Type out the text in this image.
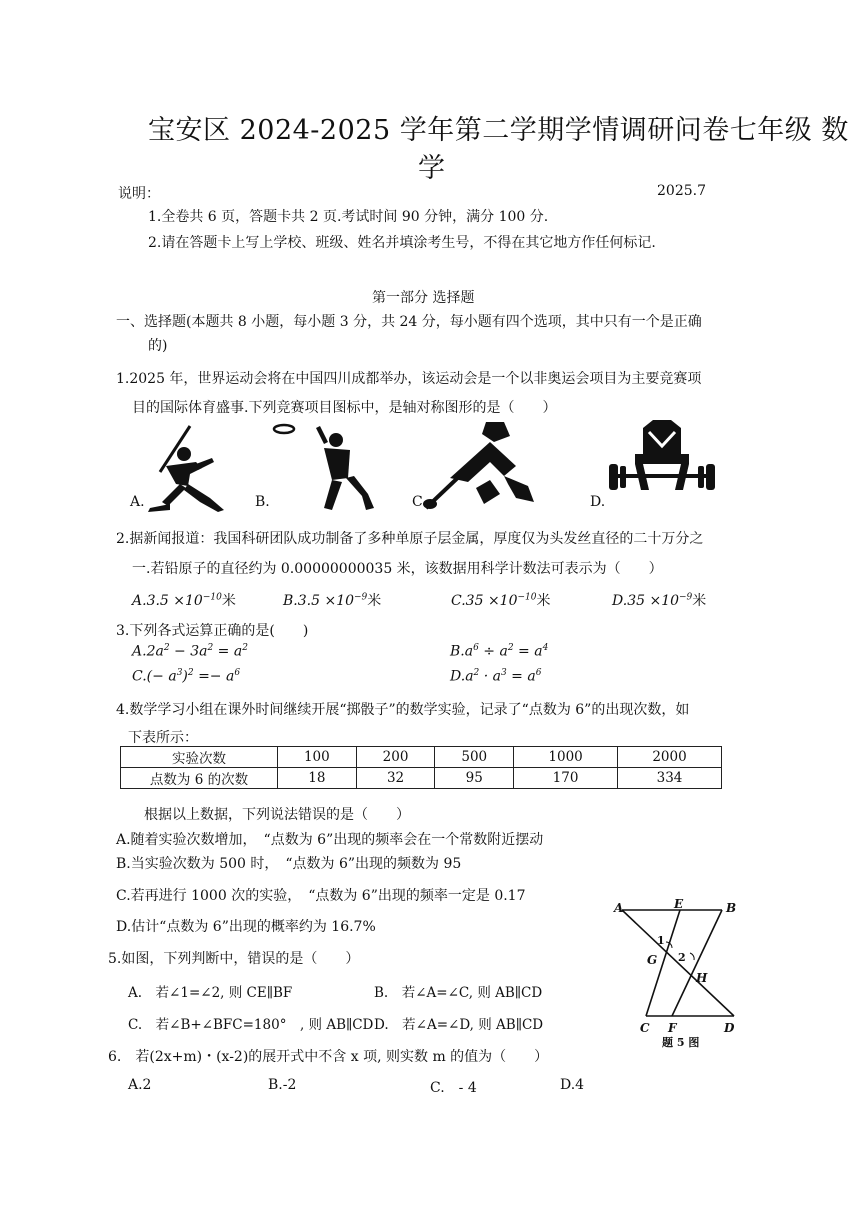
宝安区 2024-2025 学年第二学期学情调研问卷七年级 数
学
说明：	2025.7
1.全卷共 6 页，答题卡共 2 页.考试时间 90 分钟，满分 100 分.
2.请在答题卡上写上学校、班级、姓名并填涂考生号，不得在其它地方作任何标记.
第一部分 选择题
一、选择题(本题共 8 小题，每小题 3 分，共 24 分，每小题有四个选项，其中只有一个是正确
的)
1.2025 年，世界运动会将在中国四川成都举办，该运动会是一个以非奥运会项目为主要竞赛项
目的国际体育盛事.下列竞赛项目图标中，是轴对称图形的是（　　）
A.	B.	C.	D.
2.据新闻报道：我国科研团队成功制备了多种单原子层金属，厚度仅为头发丝直径的二十万分之
一.若铅原子的直径约为 0.00000000035 米，该数据用科学计数法可表示为（　　）
$A.3.5 \times 10^{-10}$米	$B.3.5 \times 10^{-9}$米	$C.35 \times 10^{-10}$米	$D.35 \times 10^{-9}$米
3.下列各式运算正确的是(　　)
$A.2a^2 - 3a^2 = a^2$	$B.a^6 \div a^2 = a^4$
$C.(- a^3)^2 =- a^6$	$D.a^2 \cdot a^3 = a^6$
4.数学学习小组在课外时间继续开展“掷骰子”的数学实验，记录了“点数为 6”的出现次数，如
下表所示：
实验次数	100	200	500	1000	2000
点数为 6 的次数	18	32	95	170	334
根据以上数据，下列说法错误的是（　　）
A.随着实验次数增加，　“点数为 6”出现的频率会在一个常数附近摆动
B.当实验次数为 500 时，　“点数为 6”出现的频数为 95
C.若再进行 1000 次的实验，　“点数为 6”出现的频率一定是 0.17
D.估计“点数为 6”出现的概率约为 16.7%
5.如图，下列判断中，错误的是（　　）
A.　若∠1=∠2, 则 CE∥BF	B.　若∠A=∠C, 则 AB∥CD
C.　若∠B+∠BFC=180°　, 则 AB∥CD D.　若∠A=∠D, 则 AB∥CD
A	E	B
1
G 2
H
C F	D
题 5 图
6.　若(2x+m)・(x-2)的展开式中不含 x 项, 则实数 m 的值为（　　）
A.2	B.-2	C.　- 4	D.4
